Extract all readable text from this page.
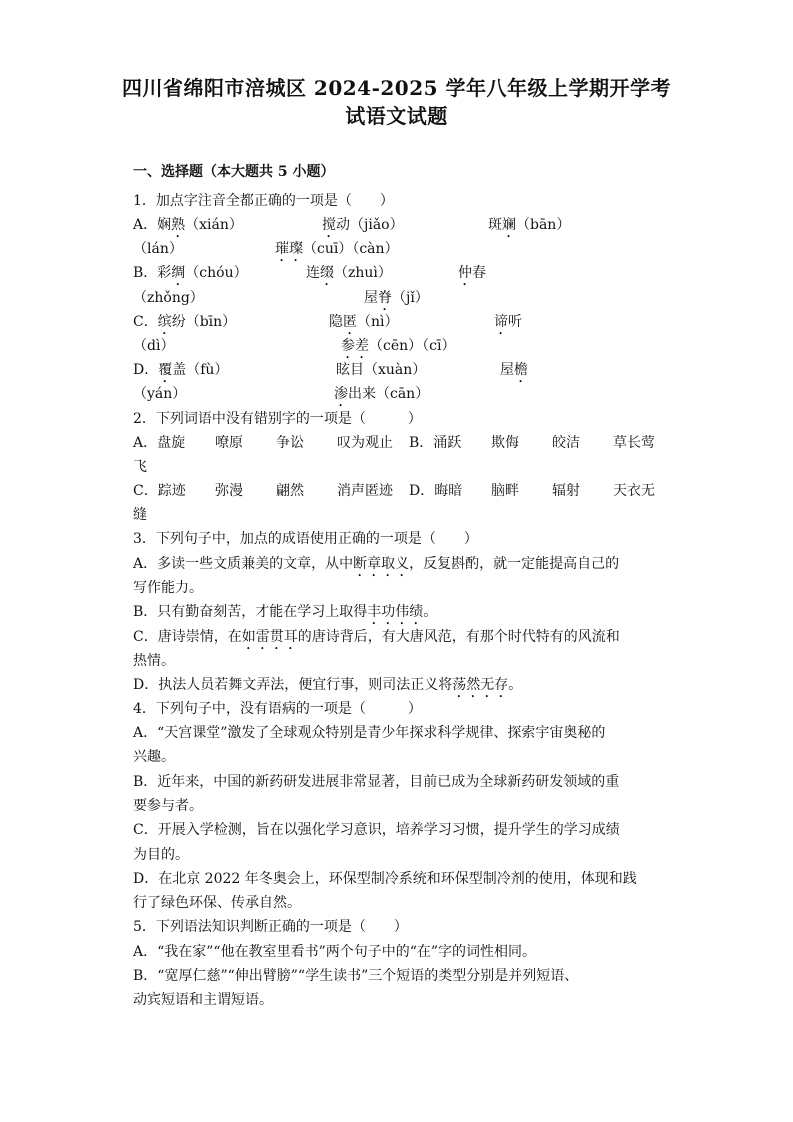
四川省绵阳市涪城区 2024-2025 学年八年级上学期开学考
试语文试题
一、选择题（本大题共 5 小题）
1．加点字注音全都正确的一项是（　　）
A．娴熟（xián）	搅动（jiǎo）	斑斓（bān）
（lán）	璀璨（cuī）（càn）
B．彩绸（chóu）	连缀（zhuì）	仲春
（zhǒng）	屋脊（jǐ）
C．缤纷（bīn）	隐匿（nì）	谛听
（dì）	参差（cēn）（cī）
D．覆盖（fù）	眩目（xuàn）	屋檐
（yán）	渗出来（cān）
2．下列词语中没有错别字的一项是（　　　）
A．盘旋 嘹原 争讼 叹为观止 B．涌跃 欺侮 皎洁 草长莺
飞
C．踪迹 弥漫 翩然 消声匿迹 D．晦暗 脑畔 辐射 天衣无
缝
3．下列句子中，加点的成语使用正确的一项是（　　）
A．多读一些文质兼美的文章，从中断章取义，反复斟酌，就一定能提高自己的
写作能力。
B．只有勤奋刻苦，才能在学习上取得丰功伟绩。
C．唐诗崇情，在如雷贯耳的唐诗背后，有大唐风范，有那个时代特有的风流和
热情。
D．执法人员若舞文弄法，便宜行事，则司法正义将荡然无存。
4．下列句子中，没有语病的一项是（　　　）
A．“天宫课堂”激发了全球观众特别是青少年探求科学规律、探索宇宙奥秘的
兴趣。
B．近年来，中国的新药研发进展非常显著，目前已成为全球新药研发领域的重
要参与者。
C．开展入学检测，旨在以强化学习意识，培养学习习惯，提升学生的学习成绩
为目的。
D．在北京 2022 年冬奥会上，环保型制冷系统和环保型制冷剂的使用，体现和践
行了绿色环保、传承自然。
5．下列语法知识判断正确的一项是（　　）
A．“我在家”“他在教室里看书”两个句子中的“在”字的词性相同。
B．“宽厚仁慈”“伸出臂膀”“学生读书”三个短语的类型分别是并列短语、
动宾短语和主谓短语。
